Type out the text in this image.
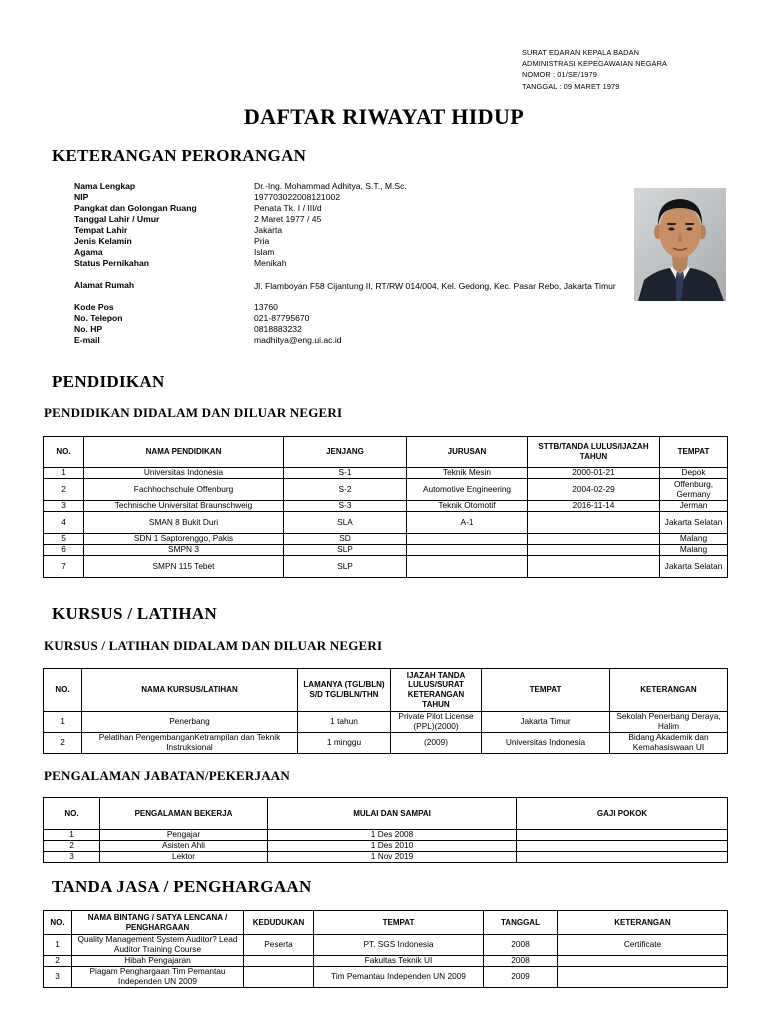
SURAT EDARAN KEPALA BADAN
ADMINISTRASI KEPEGAWAIAN NEGARA
NOMOR : 01/SE/1979
TANGGAL : 09 MARET 1979
DAFTAR RIWAYAT HIDUP
KETERANGAN PERORANGAN
Nama Lengkap	Dr.-Ing. Mohammad Adhitya, S.T., M.Sc.
NIP	197703022008121002
Pangkat dan Golongan Ruang	Penata Tk. I / III/d
Tanggal Lahir / Umur	2 Maret 1977 / 45
Tempat Lahir	Jakarta
Jenis Kelamin	Pria
Agama	Islam
Status Pernikahan	Menikah
Alamat Rumah	Jl. Flamboyan F58 Cijantung II, RT/RW 014/004, Kel. Gedong, Kec. Pasar Rebo, Jakarta Timur
Kode Pos	13760
No. Telepon	021-87795670
No. HP	0818883232
E-mail	madhitya@eng.ui.ac.id
PENDIDIKAN
PENDIDIKAN DIDALAM DAN DILUAR NEGERI
NO.	NAMA PENDIDIKAN	JENJANG	JURUSAN	STTB/TANDA LULUS/IJAZAH TAHUN	TEMPAT
1	Universitas Indonesia	S-1	Teknik Mesin	2000-01-21	Depok
2	Fachhochschule Offenburg	S-2	Automotive Engineering	2004-02-29	Offenburg, Germany
3	Technische Universitat Braunschweig	S-3	Teknik Otomotif	2016-11-14	Jerman
4	SMAN 8 Bukit Duri	SLA	A-1		Jakarta Selatan
5	SDN 1 Saptorenggo, Pakis	SD			Malang
6	SMPN 3	SLP			Malang
7	SMPN 115 Tebet	SLP			Jakarta Selatan
KURSUS / LATIHAN
KURSUS / LATIHAN DIDALAM DAN DILUAR NEGERI
NO.	NAMA KURSUS/LATIHAN	LAMANYA (TGL/BLN) S/D TGL/BLN/THN	IJAZAH TANDA LULUS/SURAT KETERANGAN TAHUN	TEMPAT	KETERANGAN
1	Penerbang	1 tahun	Private Pilot License (PPL)(2000)	Jakarta Timur	Sekolah Penerbang Deraya, Halim
2	Pelatihan PengembanganKetrampilan dan Teknik Instruksional	1 minggu	(2009)	Universitas Indonesia	Bidang Akademik dan Kemahasiswaan UI
PENGALAMAN JABATAN/PEKERJAAN
NO.	PENGALAMAN BEKERJA	MULAI DAN SAMPAI	GAJI POKOK
1	Pengajar	1 Des 2008	
2	Asisten Ahli	1 Des 2010	
3	Lektor	1 Nov 2019	
TANDA JASA / PENGHARGAAN
NO.	NAMA BINTANG / SATYA LENCANA / PENGHARGAAN	KEDUDUKAN	TEMPAT	TANGGAL	KETERANGAN
1	Quality Management System Auditor? Lead Auditor Training Course	Peserta	PT. SGS Indonesia	2008	Certificate
2	Hibah Pengajaran		Fakultas Teknik UI	2008	
3	Piagam Penghargaan Tim Pemantau Independen UN 2009		Tim Pemantau Independen UN 2009	2009	
